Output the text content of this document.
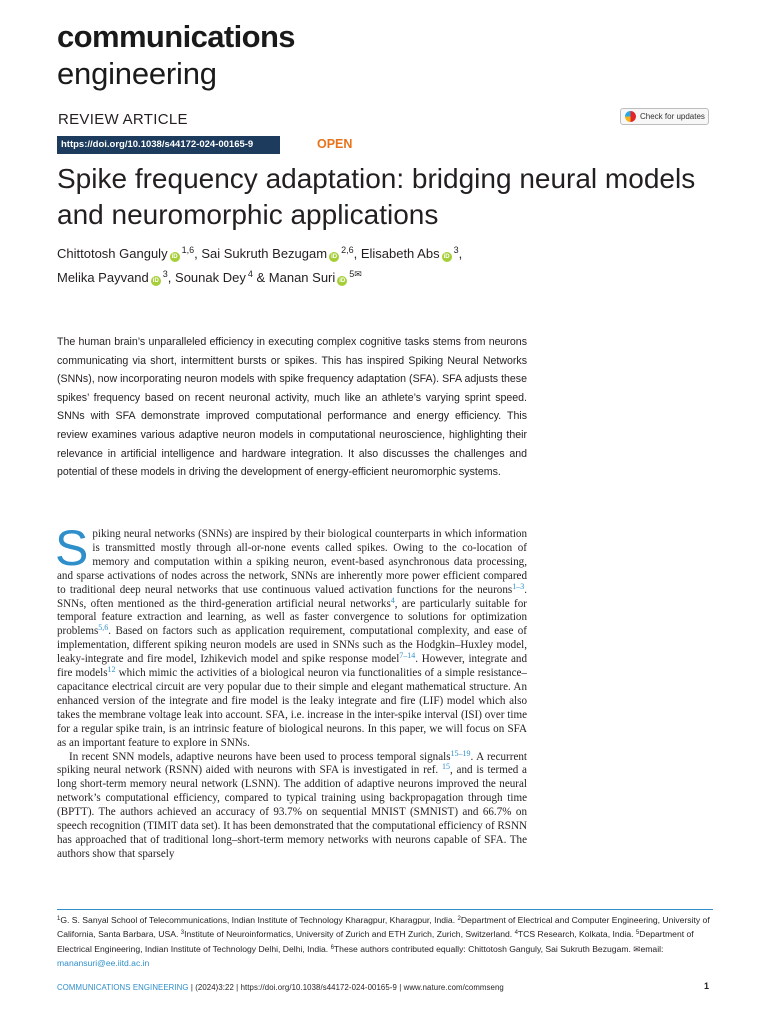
communications
engineering
REVIEW ARTICLE	Check for updates
https://doi.org/10.1038/s44172-024-00165-9	OPEN
Spike frequency adaptation: bridging neural models and neuromorphic applications
Chittotosh Ganguly iD$^{1,6}$, Sai Sukruth Bezugam iD$^{2,6}$, Elisabeth Abs iD$^3$,
Melika Payvand iD$^3$, Sounak Dey $^4$ & Manan Suri iD$^{5✉}$
The human brain’s unparalleled efficiency in executing complex cognitive tasks stems from neurons communicating via short, intermittent bursts or spikes. This has inspired Spiking Neural Networks (SNNs), now incorporating neuron models with spike frequency adaptation (SFA). SFA adjusts these spikes’ frequency based on recent neuronal activity, much like an athlete’s varying sprint speed. SNNs with SFA demonstrate improved computational performance and energy efficiency. This review examines various adaptive neuron models in computational neuroscience, highlighting their relevance in artificial intelligence and hardware integration. It also discusses the challenges and potential of these models in driving the development of energy-efficient neuromorphic systems.

Spiking neural networks (SNNs) are inspired by their biological counterparts in which information is transmitted mostly through all-or-none events called spikes. Owing to the co-location of memory and computation within a spiking neuron, event-based asynchronous data processing, and sparse activations of nodes across the network, SNNs are inherently more power efficient compared to traditional deep neural networks that use continuous valued activation functions for the neurons$^{1-3}$. SNNs, often mentioned as the third-generation artificial neural networks$^4$, are particularly suitable for temporal feature extraction and learning, as well as faster convergence to solutions for optimization problems$^{5,6}$. Based on factors such as application requirement, computational complexity, and ease of implementation, different spiking neuron models are used in SNNs such as the Hodgkin–Huxley model, leaky-integrate and fire model, Izhikevich model and spike response model$^{7-14}$. However, integrate and fire models$^{12}$ which mimic the activities of a biological neuron via functionalities of a simple resistance–capacitance electrical circuit are very popular due to their simple and elegant mathematical structure. An enhanced version of the integrate and fire model is the leaky integrate and fire (LIF) model which also takes the membrane voltage leak into account. SFA, i.e. increase in the inter-spike interval (ISI) over time for a regular spike train, is an intrinsic feature of biological neurons. In this paper, we will focus on SFA as an important feature to explore in SNNs.

In recent SNN models, adaptive neurons have been used to process temporal signals$^{15-19}$. A recurrent spiking neural network (RSNN) aided with neurons with SFA is investigated in ref. $^{15}$, and is termed a long short-term memory neural network (LSNN). The addition of adaptive neurons improved the neural network’s computational efficiency, compared to typical training using backpropagation through time (BPTT). The authors achieved an accuracy of 93.7% on sequential MNIST (SMNIST) and 66.7% on speech recognition (TIMIT data set). It has been demonstrated that the computational efficiency of RSNN has approached that of traditional long–short-term memory networks with neurons capable of SFA. The authors show that sparsely

$^1$G. S. Sanyal School of Telecommunications, Indian Institute of Technology Kharagpur, Kharagpur, India. $^2$Department of Electrical and Computer Engineering, University of California, Santa Barbara, USA. $^3$Institute of Neuroinformatics, University of Zurich and ETH Zurich, Zurich, Switzerland. $^4$TCS Research, Kolkata, India. $^5$Department of Electrical Engineering, Indian Institute of Technology Delhi, Delhi, India. $^6$These authors contributed equally: Chittotosh Ganguly, Sai Sukruth Bezugam. ✉email: manansuri@ee.iitd.ac.in
COMMUNICATIONS ENGINEERING | (2024)3:22 | https://doi.org/10.1038/s44172-024-00165-9 | www.nature.com/commseng	1
